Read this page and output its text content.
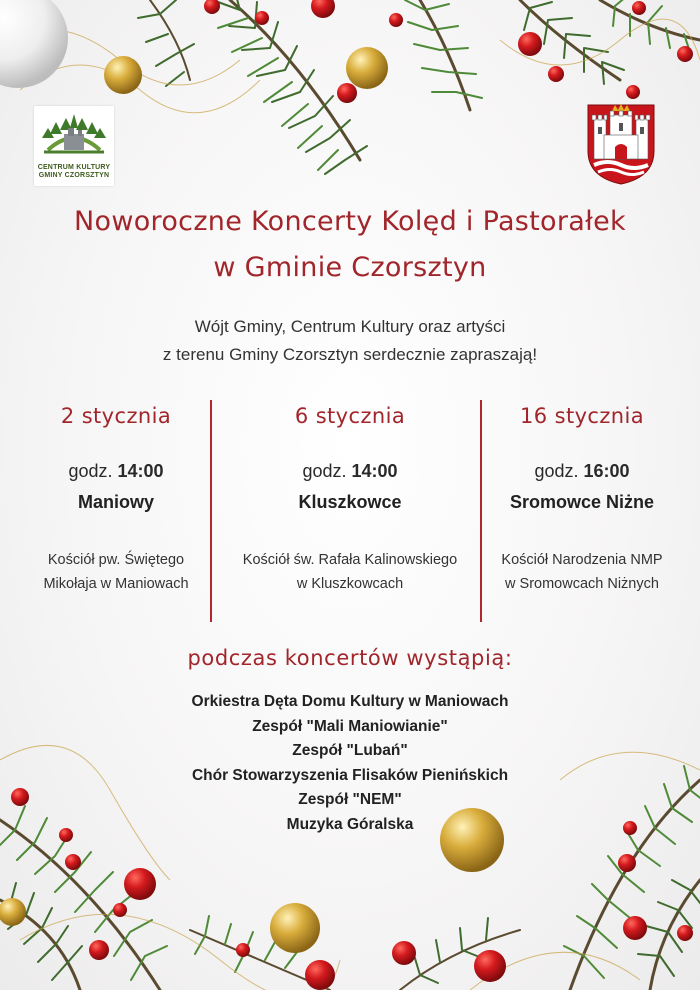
CENTRUM KULTURY
GMINY CZORSZTYN
Noworoczne Koncerty Kolęd i Pastorałek
w Gminie Czorsztyn
Wójt Gminy, Centrum Kultury oraz artyści
z terenu Gminy Czorsztyn serdecznie zapraszają!
2 stycznia
godz. 14:00
Maniowy
Kościół pw. Świętego
Mikołaja w Maniowach
6 stycznia
godz. 14:00
Kluszkowce
Kościół św. Rafała Kalinowskiego
w Kluszkowcach
16 stycznia
godz. 16:00
Sromowce Niżne
Kościół Narodzenia NMP
w Sromowcach Niżnych
podczas koncertów wystąpią:
Orkiestra Dęta Domu Kultury w Maniowach
Zespół "Mali Maniowianie"
Zespół "Lubań"
Chór Stowarzyszenia Flisaków Pienińskich
Zespół "NEM"
Muzyka Góralska
